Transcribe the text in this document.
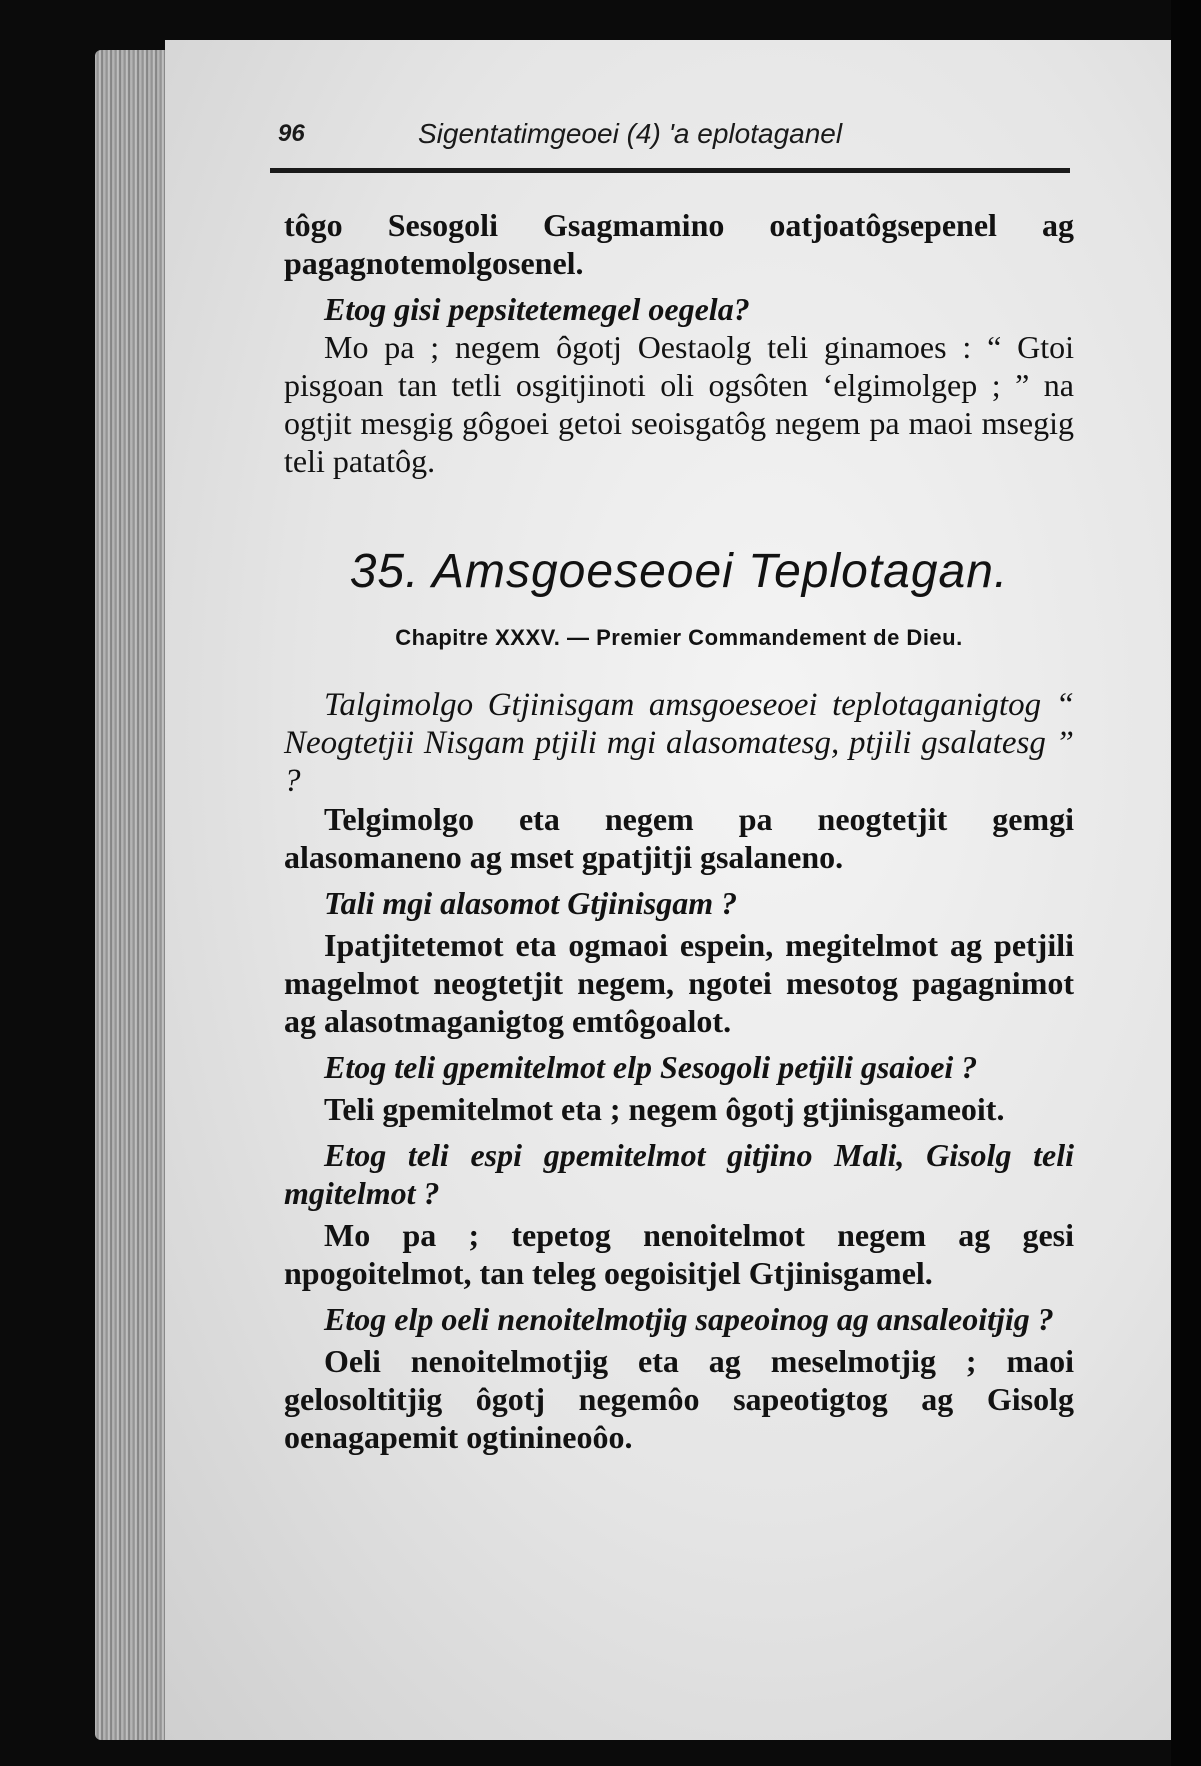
96	Sigentatimgeoei (4) 'a eplotaganel

tôgo Sesogoli Gsagmamino oatjoatôgsepenel ag pagagnotemolgosenel.

Etog gisi pepsitetemegel oegela?

Mo pa ; negem ôgotj Oestaolg teli ginamoes : “ Gtoi pisgoan tan tetli osgitjinoti oli ogsôten ‘elgimolgep ; ” na ogtjit mesgig gôgoei getoi seoisgatôg negem pa maoi msegig teli patatôg.

35. Amsgoeseoei Teplotagan.

Chapitre XXXV. — Premier Commandement de Dieu.

Talgimolgo Gtjinisgam amsgoeseoei teplotaganigtog “ Neogtetjii Nisgam ptjili mgi alasomatesg, ptjili gsalatesg ” ?

Telgimolgo eta negem pa neogtetjit gemgi alasomaneno ag mset gpatjitji gsalaneno.

Tali mgi alasomot Gtjinisgam ?

Ipatjitetemot eta ogmaoi espein, megitelmot ag petjili magelmot neogtetjit negem, ngotei mesotog pagagnimot ag alasotmaganigtog emtôgoalot.

Etog teli gpemitelmot elp Sesogoli petjili gsaioei ?

Teli gpemitelmot eta ; negem ôgotj gtjinisgameoit.

Etog teli espi gpemitelmot gitjino Mali, Gisolg teli mgitelmot ?

Mo pa ; tepetog nenoitelmot negem ag gesi npogoitelmot, tan teleg oegoisitjel Gtjinisgamel.

Etog elp oeli nenoitelmotjig sapeoinog ag ansaleoitjig ?

Oeli nenoitelmotjig eta ag meselmotjig ; maoi gelosoltitjig ôgotj negemôo sapeotigtog ag Gisolg oenagapemit ogtinineoôo.
